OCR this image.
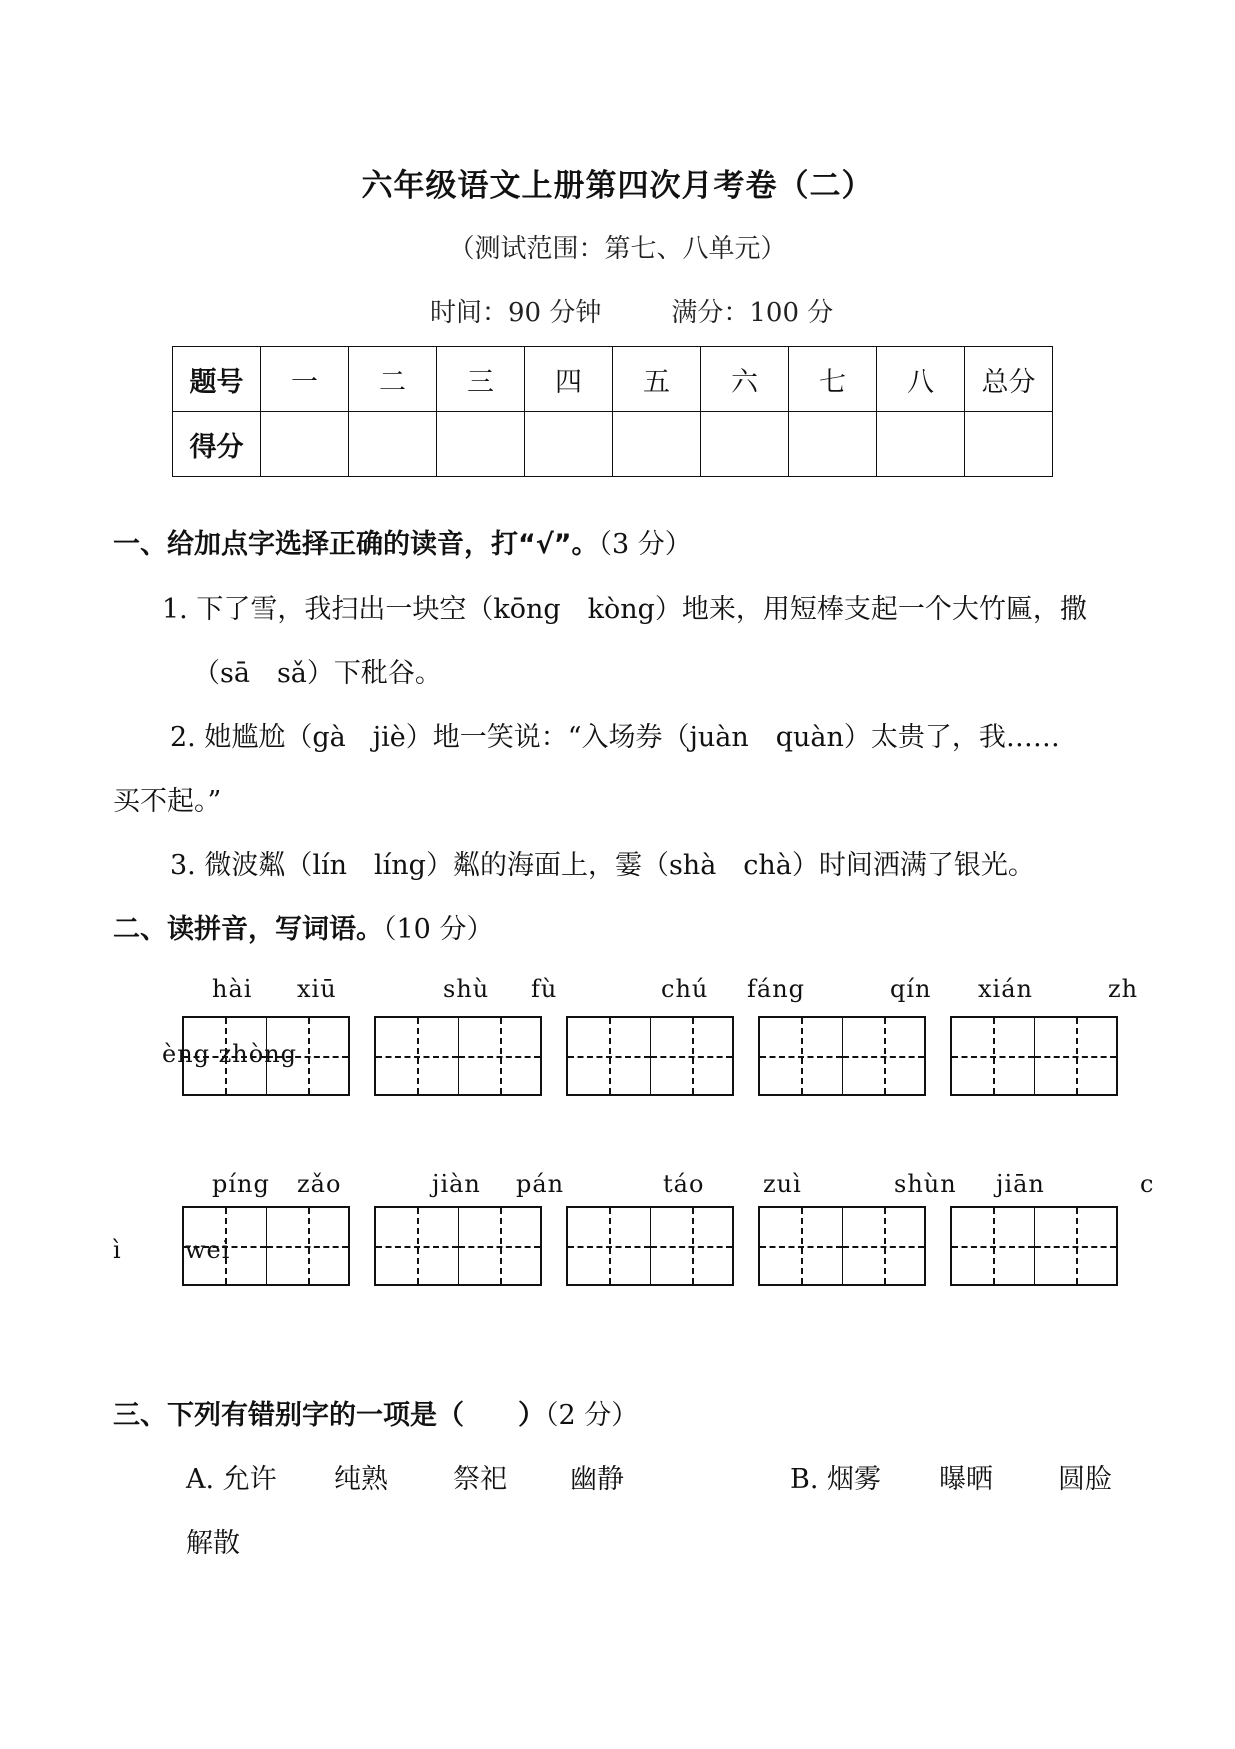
六年级语文上册第四次月考卷（二）
（测试范围：第七、八单元）
时间：90 分钟	满分：100 分
题号	一	二	三	四	五	六	七	八	总分
得分									
一、给加点字选择正确的读音，打“√”。（3 分）
1. 下了雪，我扫出一块空（kōng　kòng）地来，用短棒支起一个大竹匾，撒
（sā　sǎ）下秕谷。
2. 她尴尬（gà　jiè）地一笑说：“入场券（juàn　quàn）太贵了，我……
买不起。”
3. 微波粼（lín　líng）粼的海面上，霎（shà　chà）时间洒满了银光。
二、读拼音，写词语。（10 分）
hài xiū	shù fù	chú fáng	qín xián	zh
èng zhòng
píng zǎo	jiàn pán	táo zuì	shùn jiān	c
ì	wei
三、下列有错别字的一项是（　　）（2 分）
A. 允许 纯熟 祭祀 幽静	B. 烟雾 曝晒 圆脸
解散
